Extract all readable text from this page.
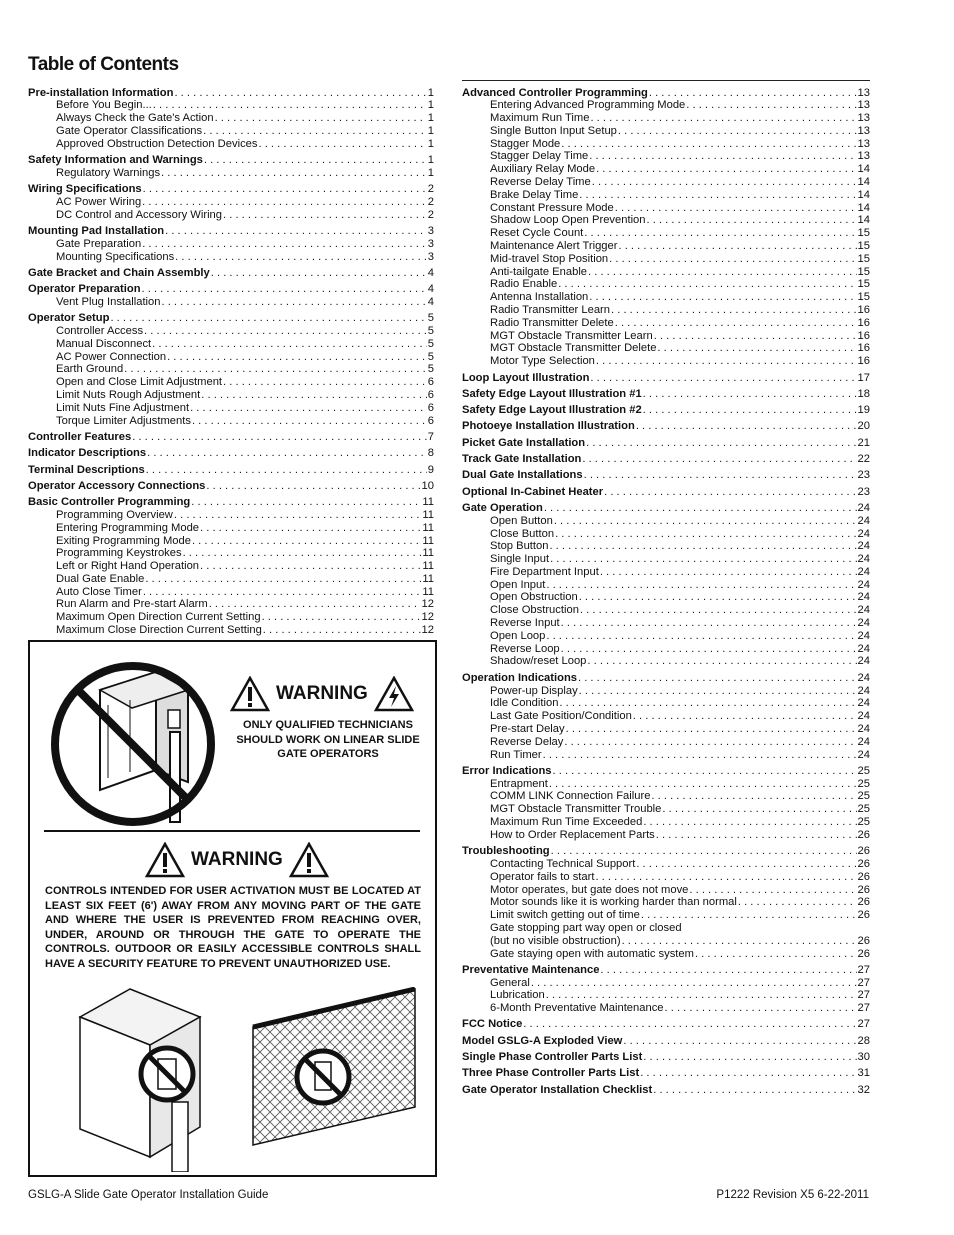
Table of Contents
Pre-installation Information . . .	1
Before You Begin... . . .	1
Always Check the Gate's Action . . .	1
Gate Operator Classifications . . .	1
Approved Obstruction Detection Devices . . .	1
Safety Information and Warnings . . .	1
Regulatory Warnings . . .	1
Wiring Specifications . . .	2
AC Power Wiring . . .	2
DC Control and Accessory Wiring . . .	2
Mounting Pad Installation . . .	3
Gate Preparation . . .	3
Mounting Specifications . . .	3
Gate Bracket and Chain Assembly . . .	4
Operator Preparation . . .	4
Vent Plug Installation . . .	4
Operator Setup . . .	5
Controller Access . . .	5
Manual Disconnect . . .	5
AC Power Connection . . .	5
Earth Ground . . .	5
Open and Close Limit Adjustment . . .	6
Limit Nuts Rough Adjustment . . .	6
Limit Nuts Fine Adjustment . . .	6
Torque Limiter Adjustments . . .	6
Controller Features . . .	7
Indicator Descriptions . . .	8
Terminal Descriptions . . .	9
Operator Accessory Connections . . .	10
Basic Controller Programming . . .	11
Programming Overview . . .	11
Entering Programming Mode . . .	11
Exiting Programming Mode . . .	11
Programming Keystrokes . . .	11
Left or Right Hand Operation . . .	11
Dual Gate Enable . . .	11
Auto Close Timer . . .	11
Run Alarm and Pre-start Alarm . . .	12
Maximum Open Direction Current Setting . . .	12
Maximum Close Direction Current Setting . . .	12
Advanced Controller Programming . . .	13
Entering Advanced Programming Mode . . .	13
Maximum Run Time . . .	13
Single Button Input Setup . . .	13
Stagger Mode . . .	13
Stagger Delay Time . . .	13
Auxiliary Relay Mode . . .	14
Reverse Delay Time . . .	14
Brake Delay Time . . .	14
Constant Pressure Mode . . .	14
Shadow Loop Open Prevention . . .	14
Reset Cycle Count . . .	15
Maintenance Alert Trigger . . .	15
Mid-travel Stop Position . . .	15
Anti-tailgate Enable . . .	15
Radio Enable . . .	15
Antenna Installation . . .	15
Radio Transmitter Learn . . .	16
Radio Transmitter Delete . . .	16
MGT Obstacle Transmitter Learn . . .	16
MGT Obstacle Transmitter Delete . . .	16
Motor Type Selection . . .	16
Loop Layout Illustration . . .	17
Safety Edge Layout Illustration #1 . . .	18
Safety Edge Layout Illustration #2 . . .	19
Photoeye Installation Illustration . . .	20
Picket Gate Installation . . .	21
Track Gate Installation . . .	22
Dual Gate Installations . . .	23
Optional In-Cabinet Heater . . .	23
Gate Operation . . .	24
Open Button . . .	24
Close Button . . .	24
Stop Button . . .	24
Single Input . . .	24
Fire Department Input . . .	24
Open Input . . .	24
Open Obstruction . . .	24
Close Obstruction . . .	24
Reverse Input . . .	24
Open Loop . . .	24
Reverse Loop . . .	24
Shadow/reset Loop . . .	24
Operation Indications . . .	24
Power-up Display . . .	24
Idle Condition . . .	24
Last Gate Position/Condition . . .	24
Pre-start Delay . . .	24
Reverse Delay . . .	24
Run Timer . . .	24
Error Indications . . .	25
Entrapment . . .	25
COMM LINK Connection Failure . . .	25
MGT Obstacle Transmitter Trouble . . .	25
Maximum Run Time Exceeded . . .	25
How to Order Replacement Parts . . .	26
Troubleshooting . . .	26
Contacting Technical Support . . .	26
Operator fails to start . . .	26
Motor operates, but gate does not move . . .	26
Motor sounds like it is working harder than normal . . .	26
Limit switch getting out of time . . .	26
Gate stopping part way open or closed
(but no visible obstruction) . . .	26
Gate staying open with automatic system . . .	26
Preventative Maintenance . . .	27
General . . .	27
Lubrication . . .	27
6-Month Preventative Maintenance . . .	27
FCC Notice . . .	27
Model GSLG-A Exploded View . . .	28
Single Phase Controller Parts List . . .	30
Three Phase Controller Parts List . . .	31
Gate Operator Installation Checklist . . .	32
WARNING
ONLY QUALIFIED TECHNICIANS SHOULD WORK ON LINEAR SLIDE GATE OPERATORS
WARNING
CONTROLS INTENDED FOR USER ACTIVATION MUST BE LOCATED AT LEAST SIX FEET (6') AWAY FROM ANY MOVING PART OF THE GATE AND WHERE THE USER IS PREVENTED FROM REACHING OVER, UNDER, AROUND OR THROUGH THE GATE TO OPERATE THE CONTROLS. OUTDOOR OR EASILY ACCESSIBLE CONTROLS SHALL HAVE A SECURITY FEATURE TO PREVENT UNAUTHORIZED USE.
GSLG-A Slide Gate Operator Installation Guide	P1222 Revision X5 6-22-2011
